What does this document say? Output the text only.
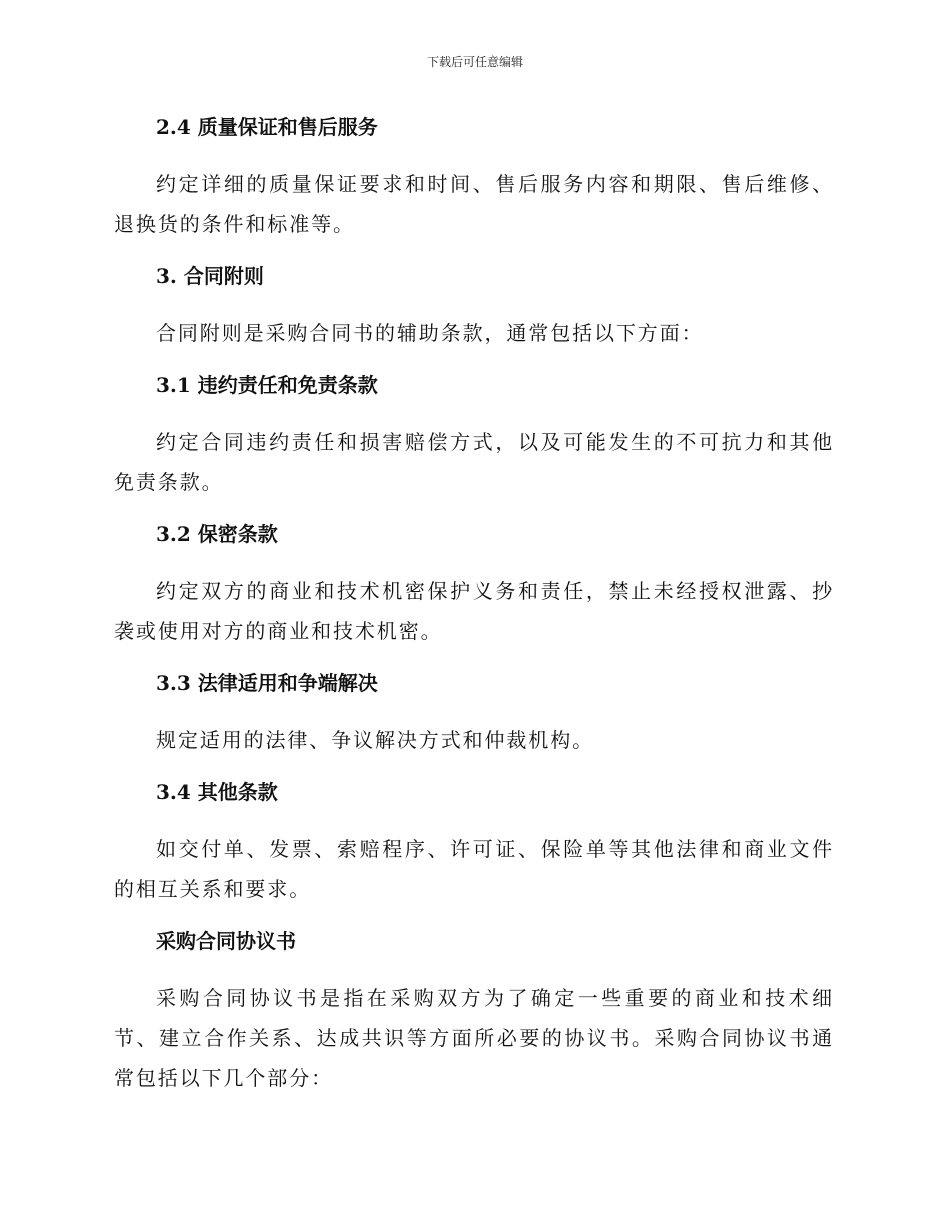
下载后可任意编辑
2.4 质量保证和售后服务

约定详细的质量保证要求和时间、售后服务内容和期限、售后维修、退换货的条件和标准等。

3. 合同附则

合同附则是采购合同书的辅助条款，通常包括以下方面：

3.1 违约责任和免责条款

约定合同违约责任和损害赔偿方式，以及可能发生的不可抗力和其他免责条款。

3.2 保密条款

约定双方的商业和技术机密保护义务和责任，禁止未经授权泄露、抄袭或使用对方的商业和技术机密。

3.3 法律适用和争端解决

规定适用的法律、争议解决方式和仲裁机构。

3.4 其他条款

如交付单、发票、索赔程序、许可证、保险单等其他法律和商业文件的相互关系和要求。

采购合同协议书

采购合同协议书是指在采购双方为了确定一些重要的商业和技术细节、建立合作关系、达成共识等方面所必要的协议书。采购合同协议书通常包括以下几个部分：
